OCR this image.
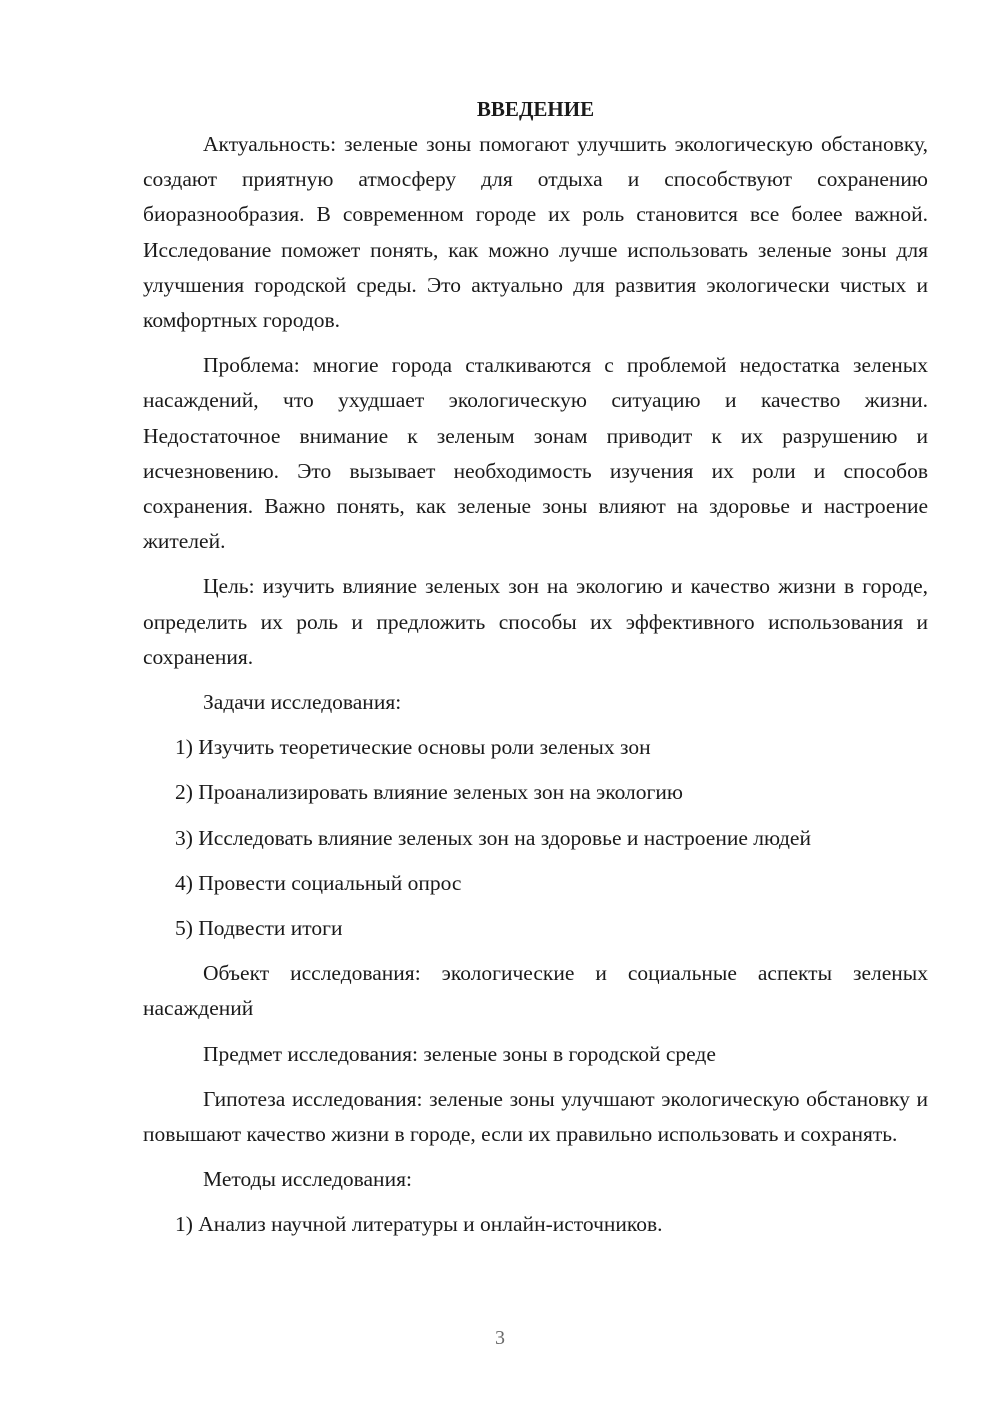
ВВЕДЕНИЕ

Актуальность: зеленые зоны помогают улучшить экологическую обстановку, создают приятную атмосферу для отдыха и способствуют сохранению биоразнообразия. В современном городе их роль становится все более важной. Исследование поможет понять, как можно лучше использовать зеленые зоны для улучшения городской среды. Это актуально для развития экологически чистых и комфортных городов.

Проблема: многие города сталкиваются с проблемой недостатка зеленых насаждений, что ухудшает экологическую ситуацию и качество жизни. Недостаточное внимание к зеленым зонам приводит к их разрушению и исчезновению. Это вызывает необходимость изучения их роли и способов сохранения. Важно понять, как зеленые зоны влияют на здоровье и настроение жителей.

Цель: изучить влияние зеленых зон на экологию и качество жизни в городе, определить их роль и предложить способы их эффективного использования и сохранения.

Задачи исследования:

1) Изучить теоретические основы роли зеленых зон

2) Проанализировать влияние зеленых зон на экологию

3) Исследовать влияние зеленых зон на здоровье и настроение людей

4) Провести социальный опрос

5) Подвести итоги

Объект исследования: экологические и социальные аспекты зеленых насаждений

Предмет исследования: зеленые зоны в городской среде

Гипотеза исследования: зеленые зоны улучшают экологическую обстановку и повышают качество жизни в городе, если их правильно использовать и сохранять.

Методы исследования:

1) Анализ научной литературы и онлайн-источников.

3
